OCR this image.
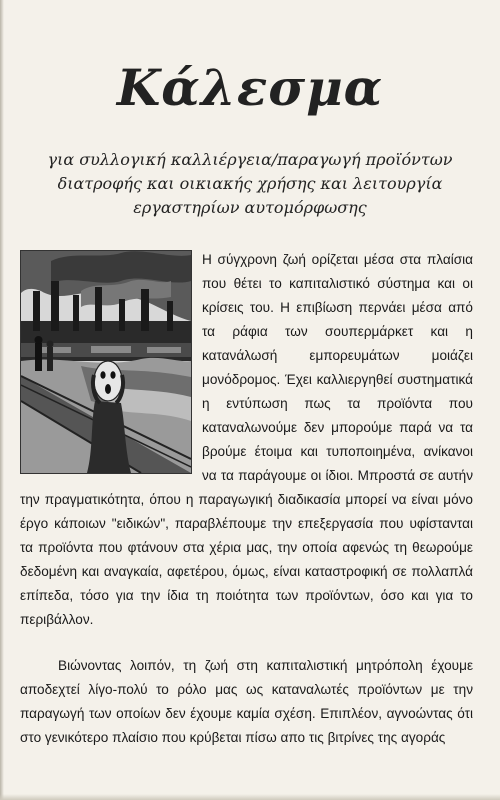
Κάλεσμα

για συλλογική καλλιέργεια/παραγωγή προϊόντων διατροφής και οικιακής χρήσης και λειτουργία εργαστηρίων αυτομόρφωσης

Η σύγχρονη ζωή ορίζεται μέσα στα πλαίσια που θέτει το καπιταλιστικό σύστημα και οι κρίσεις του. Η επιβίωση περνάει μέσα από τα ράφια των σουπερμάρκετ και η κατανάλωσή εμπορευμάτων μοιάζει μονόδρομος. Έχει καλλιεργηθεί συστηματικά η εντύπωση πως τα προϊόντα που καταναλωνούμε δεν μπορούμε παρά να τα βρούμε έτοιμα και τυποποιημένα, ανίκανοι να τα παράγουμε οι ίδιοι. Μπροστά σε αυτήν την πραγματικότητα, όπου η παραγωγική διαδικασία μπορεί να είναι μόνο έργο κάποιων "ειδικών", παραβλέπουμε την επεξεργασία που υφίστανται τα προϊόντα που φτάνουν στα χέρια μας, την οποία αφενώς τη θεωρούμε δεδομένη και αναγκαία, αφετέρου, όμως, είναι καταστροφική σε πολλαπλά επίπεδα, τόσο για την ίδια τη ποιότητα των προϊόντων, όσο και για το περιβάλλον.

Βιώνοντας λοιπόν, τη ζωή στη καπιταλιστική μητρόπολη έχουμε αποδεχτεί λίγο-πολύ το ρόλο μας ως καταναλωτές προϊόντων με την παραγωγή των οποίων δεν έχουμε καμία σχέση. Επιπλέον, αγνοώντας ότι στο γενικότερο πλαίσιο που κρύβεται πίσω απο τις βιτρίνες της αγοράς
